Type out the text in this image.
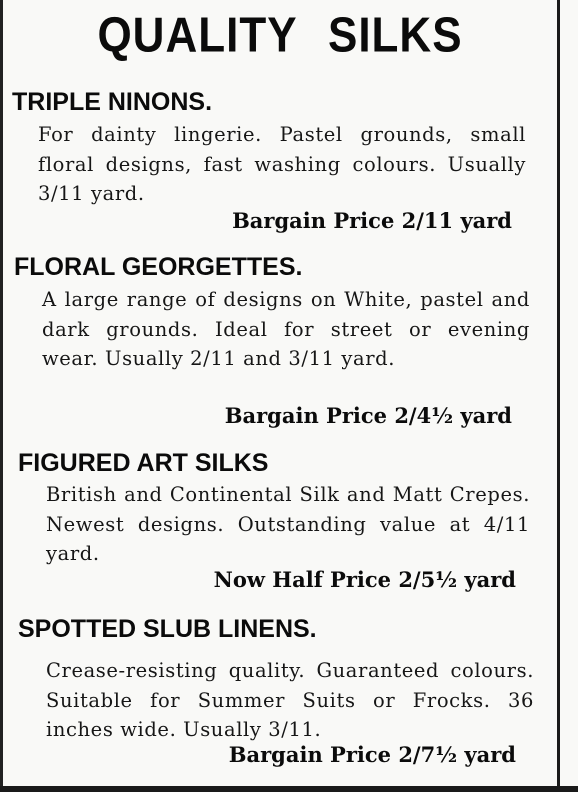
QUALITY SILKS
TRIPLE NINONS.

For dainty lingerie. Pastel grounds, small floral designs, fast washing colours. Usually 3/11 yard.

Bargain Price 2/11 yard

FLORAL GEORGETTES.

A large range of designs on White, pastel and dark grounds. Ideal for street or evening wear. Usually 2/11 and 3/11 yard.

Bargain Price 2/4½ yard

FIGURED ART SILKS

British and Continental Silk and Matt Crepes. Newest designs. Outstanding value at 4/11 yard.

Now Half Price 2/5½ yard

SPOTTED SLUB LINENS.

Crease-resisting quality. Guaranteed colours. Suitable for Summer Suits or Frocks. 36 inches wide. Usually 3/11.

Bargain Price 2/7½ yard
